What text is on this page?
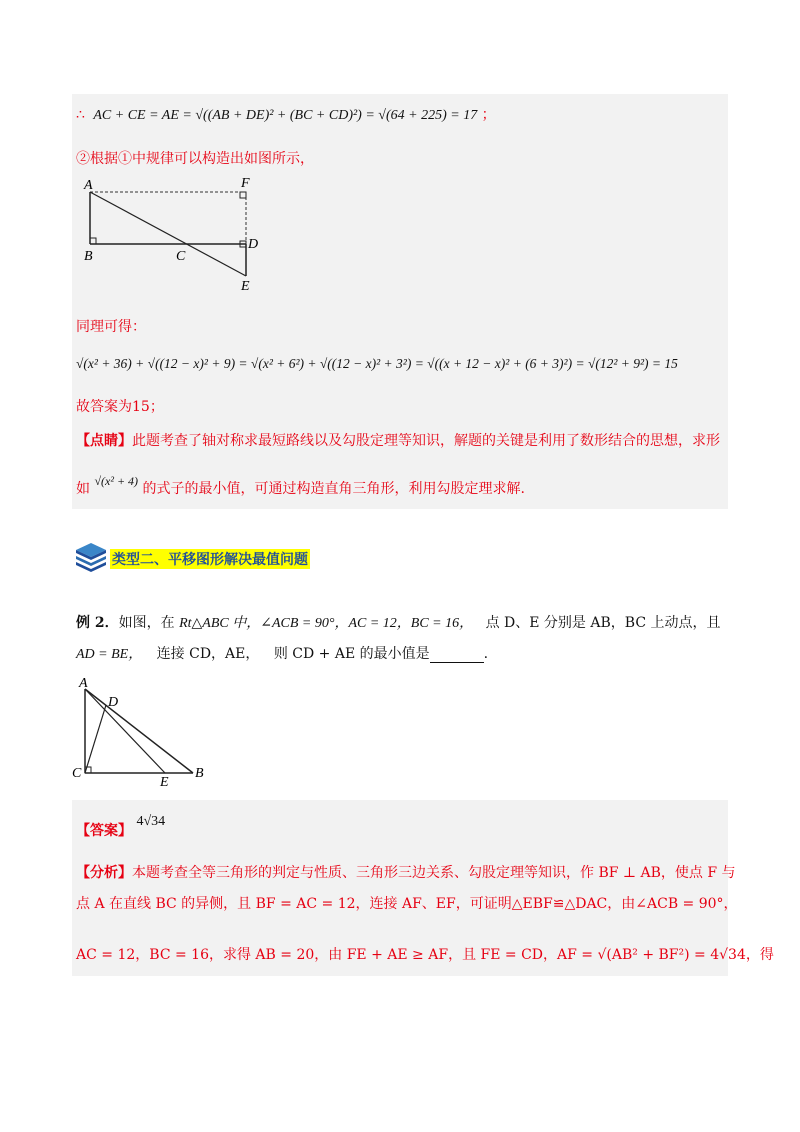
∴ AC + CE = AE = √((AB + DE)² + (BC + CD)²) = √(64 + 225) = 17 ；
②根据①中规律可以构造出如图所示，
A	F
B	C
D
E
同理可得：
√(x² + 36) + √((12 − x)² + 9) = √(x² + 6²) + √((12 − x)² + 3²) = √((x + 12 − x)² + (6 + 3)²) = √(12² + 9²) = 15
故答案为15；
【点睛】此题考查了轴对称求最短路线以及勾股定理等知识，解题的关键是利用了数形结合的思想，求形
如 √(x² + 4) 的式子的最小值，可通过构造直角三角形，利用勾股定理求解.
类型二、平移图形解决最值问题
例 2．如图，在 Rt△ABC 中，∠ACB = 90°，AC = 12，BC = 16， 点 D、E 分别是 AB，BC 上动点，且
AD = BE， 连接 CD，AE， 则 CD + AE 的最小值是	.
A
D
C
E
B
【答案】 4√34
【分析】本题考查全等三角形的判定与性质、三角形三边关系、勾股定理等知识，作 BF ⊥ AB，使点 F 与
点 A 在直线 BC 的异侧，且 BF = AC = 12，连接 AF、EF，可证明△EBF≌△DAC，由∠ACB = 90°，
AC = 12，BC = 16，求得 AB = 20，由 FE + AE ≥ AF，且 FE = CD，AF = √(AB² + BF²) = 4√34，得
